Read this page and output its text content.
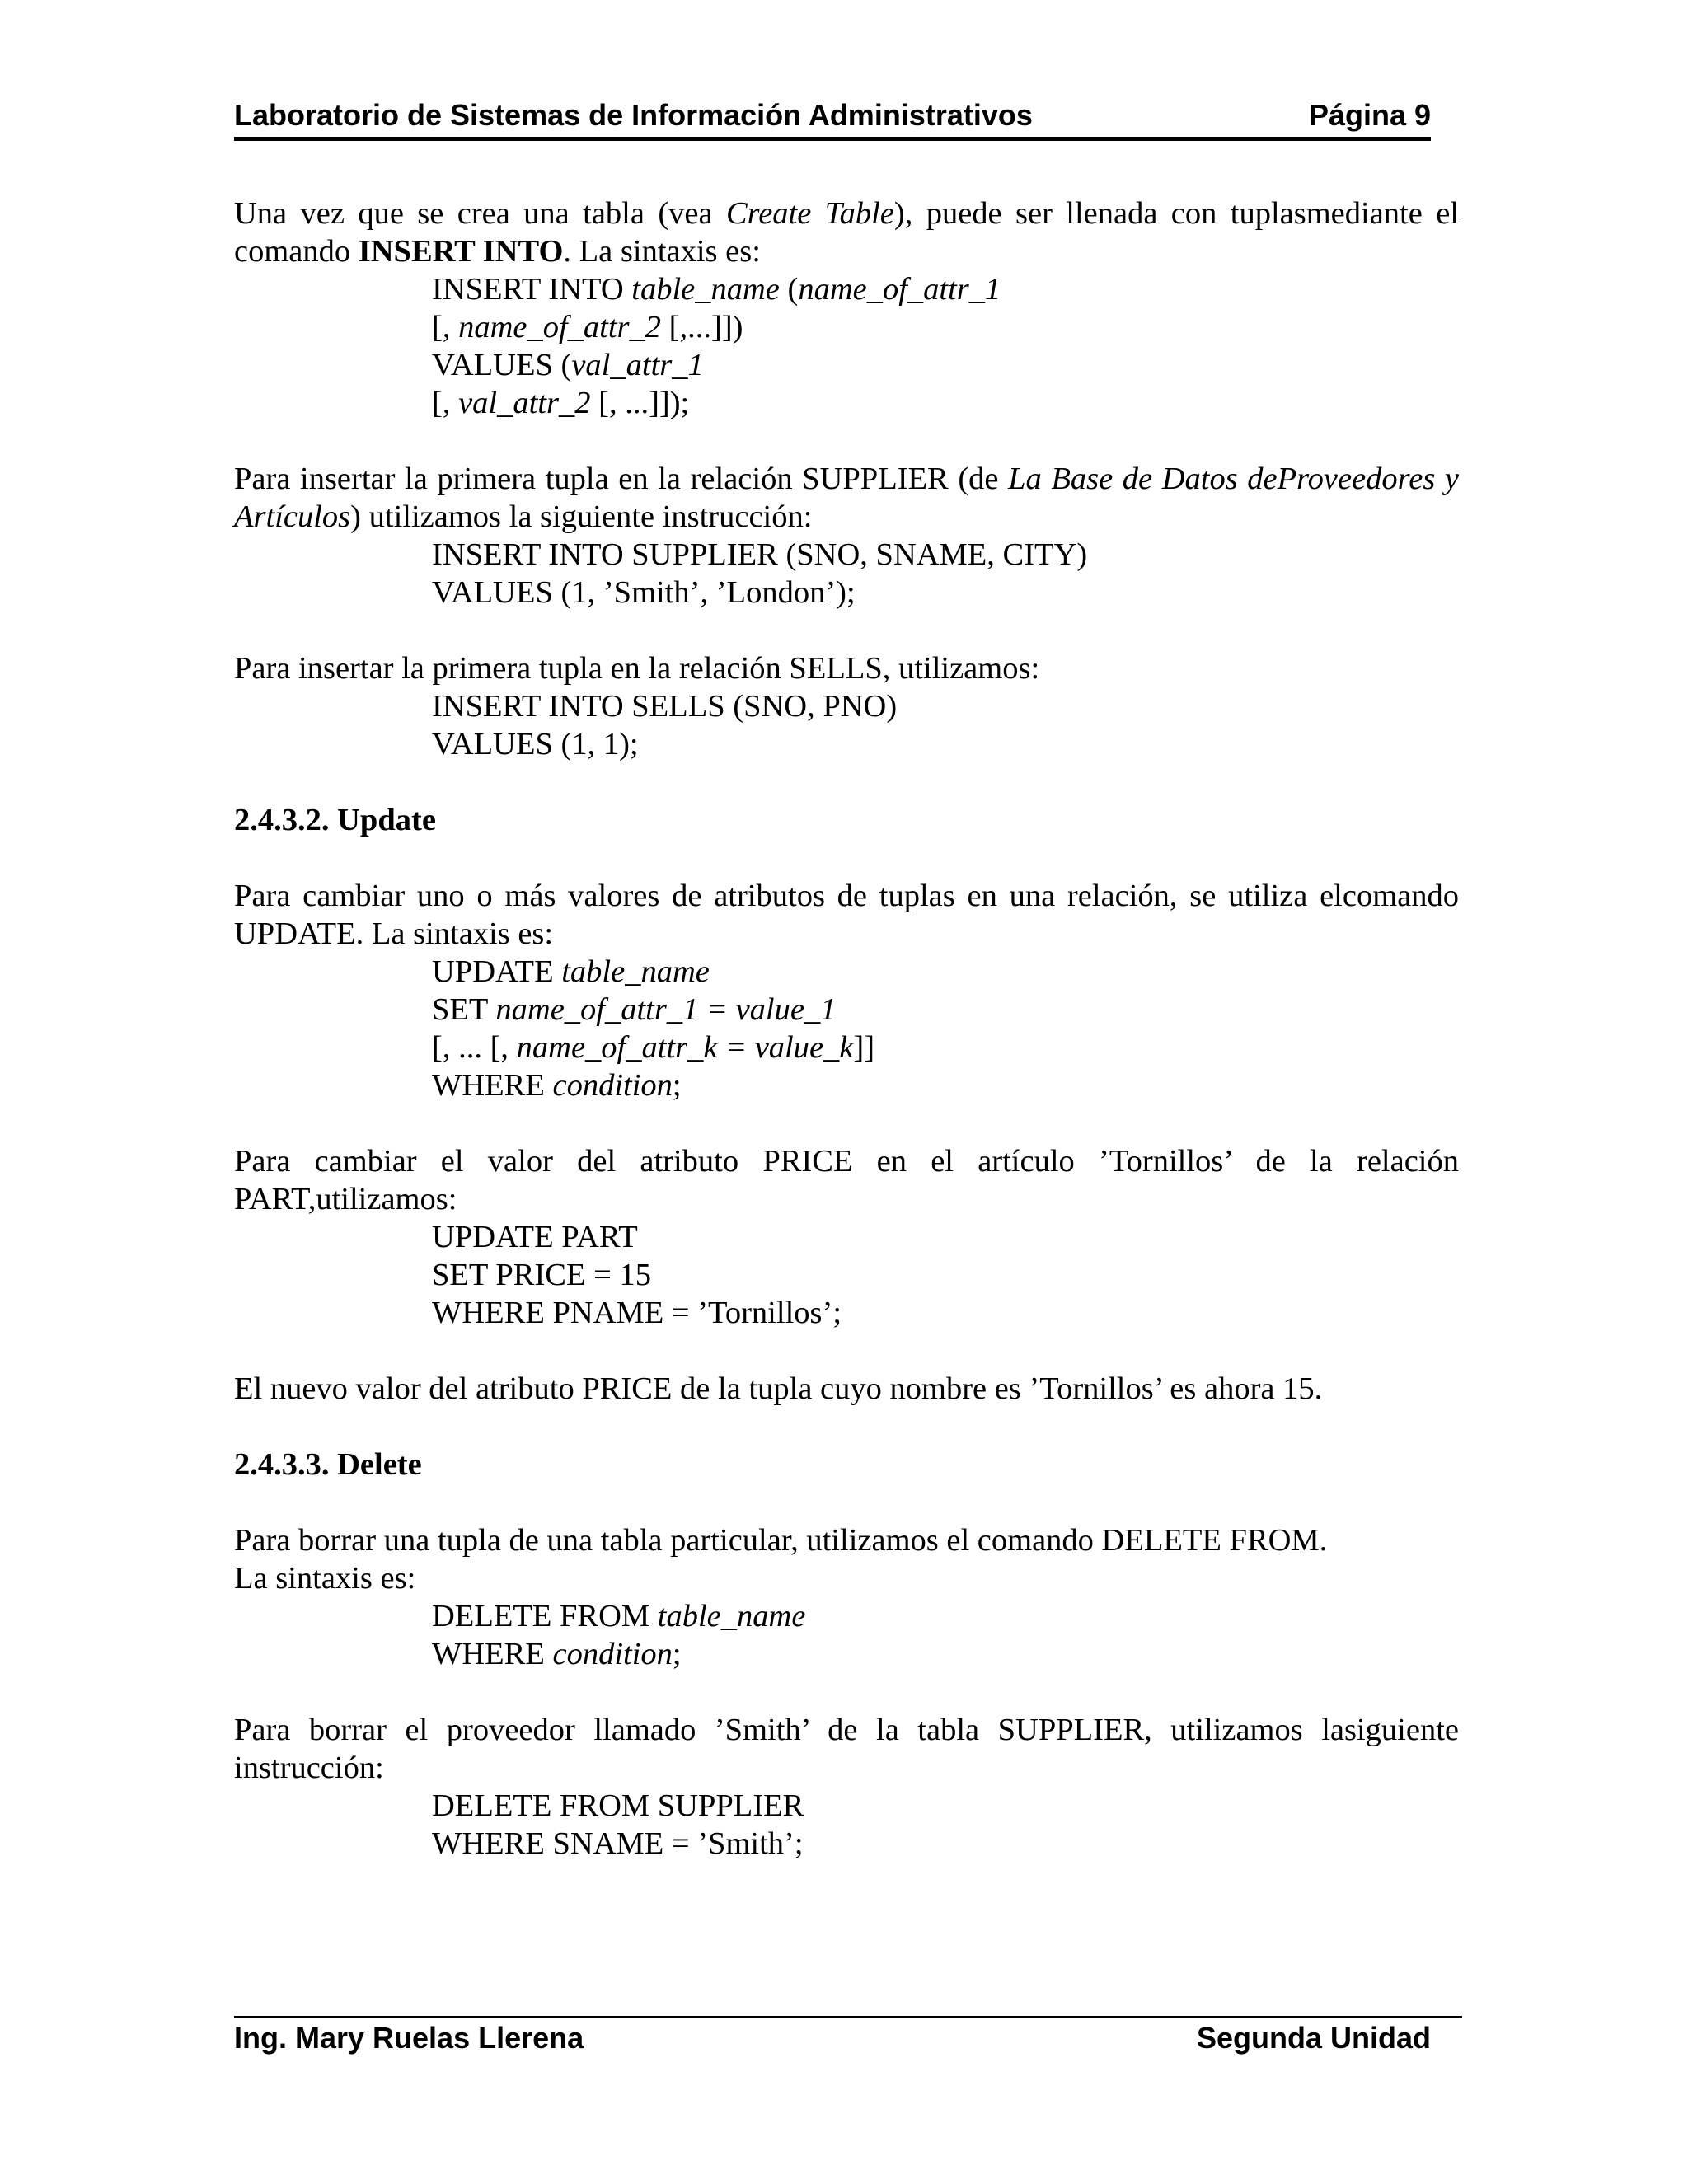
Laboratorio de Sistemas de Información Administrativos	Página 9

Una vez que se crea una tabla (vea Create Table), puede ser llenada con tuplasmediante el comando INSERT INTO. La sintaxis es:

INSERT INTO table_name (name_of_attr_1
[, name_of_attr_2 [,...]])
VALUES (val_attr_1
[, val_attr_2 [, ...]]);

Para insertar la primera tupla en la relación SUPPLIER (de La Base de Datos deProveedores y Artículos) utilizamos la siguiente instrucción:

INSERT INTO SUPPLIER (SNO, SNAME, CITY)
VALUES (1, ’Smith’, ’London’);

Para insertar la primera tupla en la relación SELLS, utilizamos:

INSERT INTO SELLS (SNO, PNO)
VALUES (1, 1);
2.4.3.2. Update

Para cambiar uno o más valores de atributos de tuplas en una relación, se utiliza elcomando UPDATE. La sintaxis es:

UPDATE table_name
SET name_of_attr_1 = value_1
[, ... [, name_of_attr_k = value_k]]
WHERE condition;

Para cambiar el valor del atributo PRICE en el artículo ’Tornillos’ de la relación PART,utilizamos:

UPDATE PART
SET PRICE = 15
WHERE PNAME = ’Tornillos’;

El nuevo valor del atributo PRICE de la tupla cuyo nombre es ’Tornillos’ es ahora 15.

2.4.3.3. Delete

Para borrar una tupla de una tabla particular, utilizamos el comando DELETE FROM.

La sintaxis es:

DELETE FROM table_name
WHERE condition;

Para borrar el proveedor llamado ’Smith’ de la tabla SUPPLIER, utilizamos lasiguiente instrucción:

DELETE FROM SUPPLIER
WHERE SNAME = ’Smith’;
Ing. Mary Ruelas Llerena	Segunda Unidad
